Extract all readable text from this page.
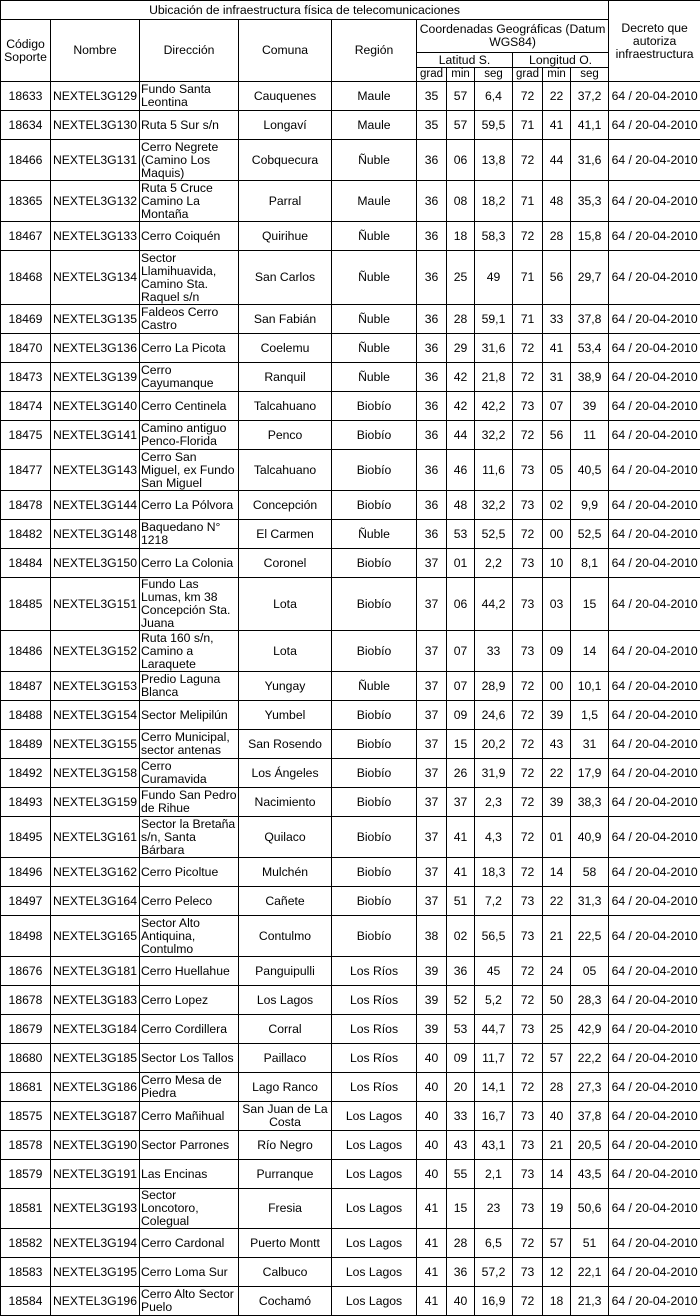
Ubicación de infraestructura física de telecomunicaciones											Decreto que autoriza infraestructura
Código Soporte	Nombre	Dirección	Comuna	Región	Coordenadas Geográficas (Datum WGS84)						
					Latitud S.			Longitud O.			
					grad	min	seg	grad	min	seg	
18633	NEXTEL3G129	Fundo Santa Leontina	Cauquenes	Maule	35	57	6,4	72	22	37,2	64 / 20-04-2010
18634	NEXTEL3G130	Ruta 5 Sur s/n	Longaví	Maule	35	57	59,5	71	41	41,1	64 / 20-04-2010
18466	NEXTEL3G131	Cerro Negrete (Camino Los Maquis)	Cobquecura	Ñuble	36	06	13,8	72	44	31,6	64 / 20-04-2010
18365	NEXTEL3G132	Ruta 5 Cruce Camino La Montaña	Parral	Maule	36	08	18,2	71	48	35,3	64 / 20-04-2010
18467	NEXTEL3G133	Cerro Coiquén	Quirihue	Ñuble	36	18	58,3	72	28	15,8	64 / 20-04-2010
18468	NEXTEL3G134	Sector Llamihuavida, Camino Sta. Raquel s/n	San Carlos	Ñuble	36	25	49	71	56	29,7	64 / 20-04-2010
18469	NEXTEL3G135	Faldeos Cerro Castro	San Fabián	Ñuble	36	28	59,1	71	33	37,8	64 / 20-04-2010
18470	NEXTEL3G136	Cerro La Picota	Coelemu	Ñuble	36	29	31,6	72	41	53,4	64 / 20-04-2010
18473	NEXTEL3G139	Cerro Cayumanque	Ranquil	Ñuble	36	42	21,8	72	31	38,9	64 / 20-04-2010
18474	NEXTEL3G140	Cerro Centinela	Talcahuano	Biobío	36	42	42,2	73	07	39	64 / 20-04-2010
18475	NEXTEL3G141	Camino antiguo Penco-Florida	Penco	Biobío	36	44	32,2	72	56	11	64 / 20-04-2010
18477	NEXTEL3G143	Cerro San Miguel, ex Fundo San Miguel	Talcahuano	Biobío	36	46	11,6	73	05	40,5	64 / 20-04-2010
18478	NEXTEL3G144	Cerro La Pólvora	Concepción	Biobío	36	48	32,2	73	02	9,9	64 / 20-04-2010
18482	NEXTEL3G148	Baquedano N° 1218	El Carmen	Ñuble	36	53	52,5	72	00	52,5	64 / 20-04-2010
18484	NEXTEL3G150	Cerro La Colonia	Coronel	Biobío	37	01	2,2	73	10	8,1	64 / 20-04-2010
18485	NEXTEL3G151	Fundo Las Lumas, km 38 Concepción Sta. Juana	Lota	Biobío	37	06	44,2	73	03	15	64 / 20-04-2010
18486	NEXTEL3G152	Ruta 160 s/n, Camino a Laraquete	Lota	Biobío	37	07	33	73	09	14	64 / 20-04-2010
18487	NEXTEL3G153	Predio Laguna Blanca	Yungay	Ñuble	37	07	28,9	72	00	10,1	64 / 20-04-2010
18488	NEXTEL3G154	Sector Melipilún	Yumbel	Biobío	37	09	24,6	72	39	1,5	64 / 20-04-2010
18489	NEXTEL3G155	Cerro Municipal, sector antenas	San Rosendo	Biobío	37	15	20,2	72	43	31	64 / 20-04-2010
18492	NEXTEL3G158	Cerro Curamavida	Los Ángeles	Biobío	37	26	31,9	72	22	17,9	64 / 20-04-2010
18493	NEXTEL3G159	Fundo San Pedro de Rihue	Nacimiento	Biobío	37	37	2,3	72	39	38,3	64 / 20-04-2010
18495	NEXTEL3G161	Sector la Bretaña s/n, Santa Bárbara	Quilaco	Biobío	37	41	4,3	72	01	40,9	64 / 20-04-2010
18496	NEXTEL3G162	Cerro Picoltue	Mulchén	Biobío	37	41	18,3	72	14	58	64 / 20-04-2010
18497	NEXTEL3G164	Cerro Peleco	Cañete	Biobío	37	51	7,2	73	22	31,3	64 / 20-04-2010
18498	NEXTEL3G165	Sector Alto Antiquina, Contulmo	Contulmo	Biobío	38	02	56,5	73	21	22,5	64 / 20-04-2010
18676	NEXTEL3G181	Cerro Huellahue	Panguipulli	Los Ríos	39	36	45	72	24	05	64 / 20-04-2010
18678	NEXTEL3G183	Cerro Lopez	Los Lagos	Los Ríos	39	52	5,2	72	50	28,3	64 / 20-04-2010
18679	NEXTEL3G184	Cerro Cordillera	Corral	Los Ríos	39	53	44,7	73	25	42,9	64 / 20-04-2010
18680	NEXTEL3G185	Sector Los Tallos	Paillaco	Los Ríos	40	09	11,7	72	57	22,2	64 / 20-04-2010
18681	NEXTEL3G186	Cerro Mesa de Piedra	Lago Ranco	Los Ríos	40	20	14,1	72	28	27,3	64 / 20-04-2010
18575	NEXTEL3G187	Cerro Mañihual	San Juan de La Costa	Los Lagos	40	33	16,7	73	40	37,8	64 / 20-04-2010
18578	NEXTEL3G190	Sector Parrones	Río Negro	Los Lagos	40	43	43,1	73	21	20,5	64 / 20-04-2010
18579	NEXTEL3G191	Las Encinas	Purranque	Los Lagos	40	55	2,1	73	14	43,5	64 / 20-04-2010
18581	NEXTEL3G193	Sector Loncotoro, Colegual	Fresia	Los Lagos	41	15	23	73	19	50,6	64 / 20-04-2010
18582	NEXTEL3G194	Cerro Cardonal	Puerto Montt	Los Lagos	41	28	6,5	72	57	51	64 / 20-04-2010
18583	NEXTEL3G195	Cerro Loma Sur	Calbuco	Los Lagos	41	36	57,2	73	12	22,1	64 / 20-04-2010
18584	NEXTEL3G196	Cerro Alto Sector Puelo	Cochamó	Los Lagos	41	40	16,9	72	18	21,3	64 / 20-04-2010
